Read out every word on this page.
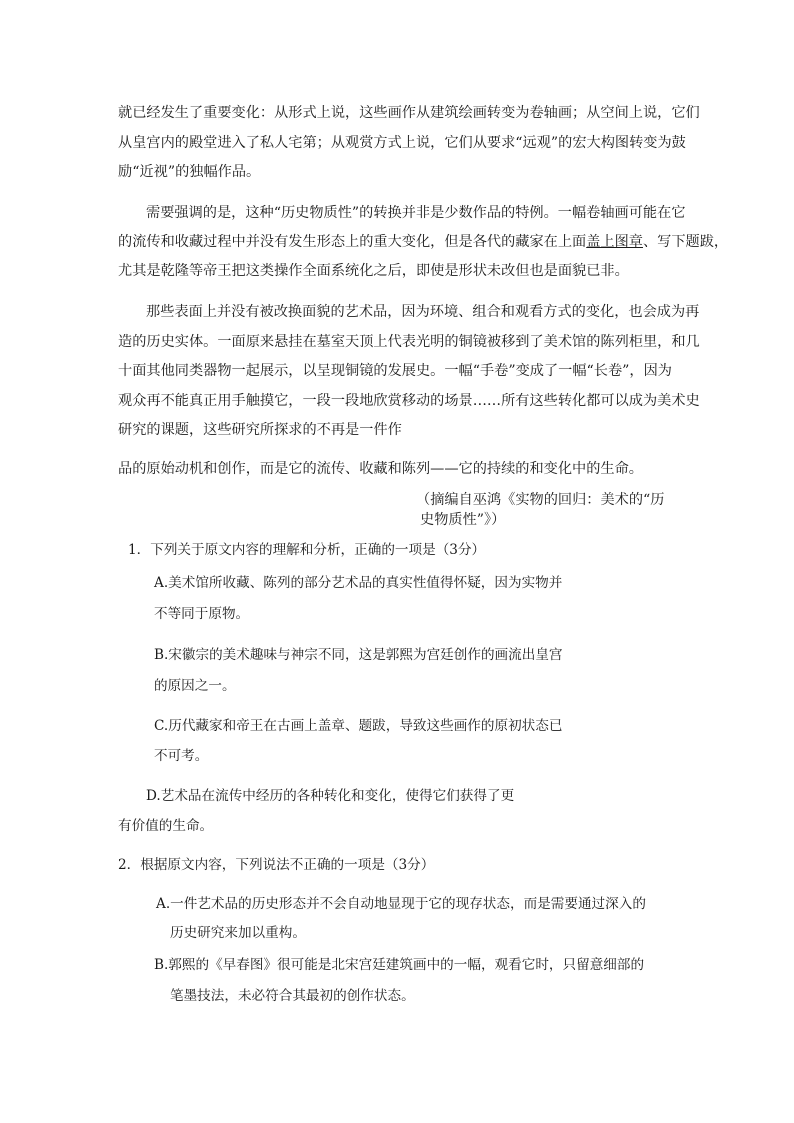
就已经发生了重要变化：从形式上说，这些画作从建筑绘画转变为卷轴画；从空间上说，它们
从皇宫内的殿堂进入了私人宅第；从观赏方式上说，它们从要求“远观”的宏大构图转变为鼓
励“近视”的独幅作品。
需要强调的是，这种“历史物质性”的转换并非是少数作品的特例。一幅卷轴画可能在它
的流传和收藏过程中并没有发生形态上的重大变化，但是各代的藏家在上面盖上图章、写下题跋，
尤其是乾隆等帝王把这类操作全面系统化之后，即使是形状未改但也是面貌已非。
那些表面上并没有被改换面貌的艺术品，因为环境、组合和观看方式的变化，也会成为再
造的历史实体。一面原来悬挂在墓室天顶上代表光明的铜镜被移到了美术馆的陈列柜里，和几
十面其他同类器物一起展示，以呈现铜镜的发展史。一幅“手卷”变成了一幅“长卷”，因为
观众再不能真正用手触摸它，一段一段地欣赏移动的场景……所有这些转化都可以成为美术史
研究的课题，这些研究所探求的不再是一件作
品的原始动机和创作，而是它的流传、收藏和陈列——它的持续的和变化中的生命。
（摘编自巫鸿《实物的回归：美术的“历
史物质性”》）
1．下列关于原文内容的理解和分析，正确的一项是（3分）
A.美术馆所收藏、陈列的部分艺术品的真实性值得怀疑，因为实物并
不等同于原物。
B.宋徽宗的美术趣味与神宗不同，这是郭熙为宫廷创作的画流出皇宫
的原因之一。
C.历代藏家和帝王在古画上盖章、题跋，导致这些画作的原初状态已
不可考。
D.艺术品在流传中经历的各种转化和变化，使得它们获得了更
有价值的生命。
2．根据原文内容，下列说法不正确的一项是（3分）
A.一件艺术品的历史形态并不会自动地显现于它的现存状态，而是需要通过深入的
历史研究来加以重构。
B.郭熙的《早春图》很可能是北宋宫廷建筑画中的一幅，观看它时，只留意细部的
笔墨技法，未必符合其最初的创作状态。
